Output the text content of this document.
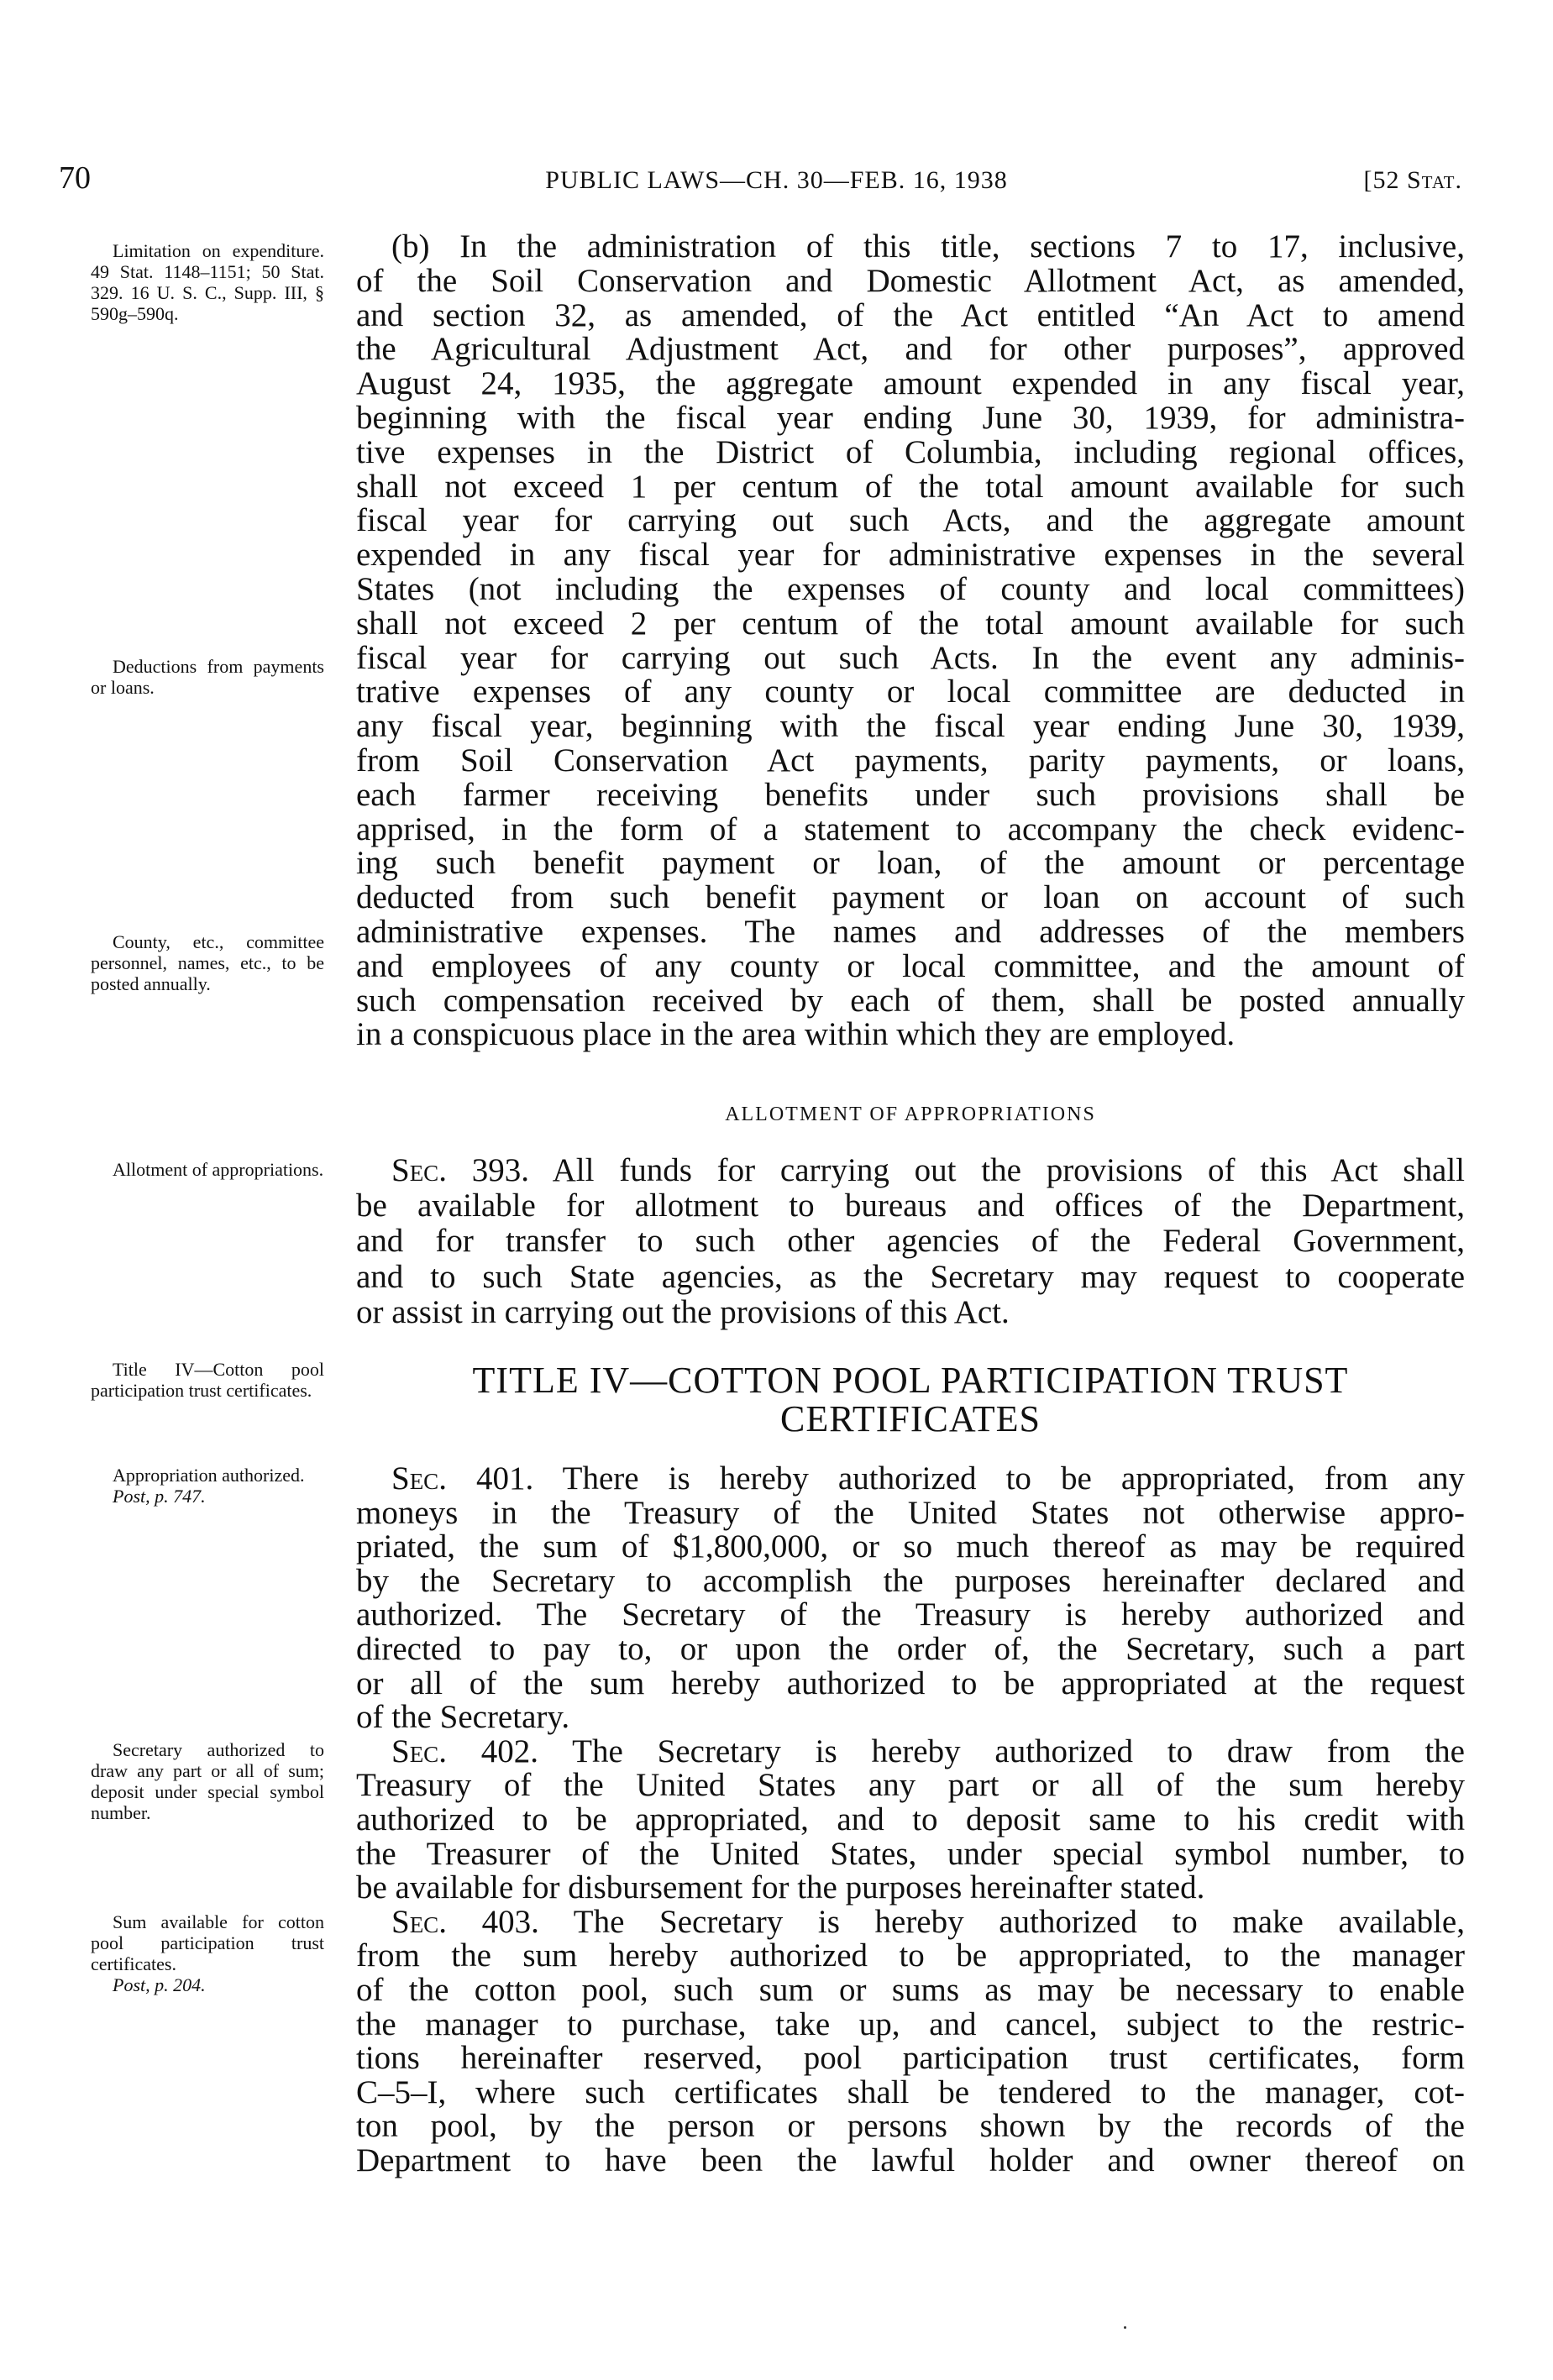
70	PUBLIC LAWS—CH. 30—FEB. 16, 1938	[52 Stat.
Limitation on expenditure. 49 Stat. 1148–1151; 50 Stat. 329. 16 U. S. C., Supp. III, § 590g–590q.
Deductions from payments or loans.
County, etc., committee personnel, names, etc., to be posted annually.
Allotment of appropriations.
Title IV—Cotton pool participation trust certificates.
Appropriation authorized.
Post, p. 747.
Secretary authorized to draw any part or all of sum; deposit under special symbol number.
Sum available for cotton pool participation trust certificates.
Post, p. 204.
(b) In the administration of this title, sections 7 to 17, inclusive,
of the Soil Conservation and Domestic Allotment Act, as amended,
and section 32, as amended, of the Act entitled “An Act to amend
the Agricultural Adjustment Act, and for other purposes”, approved
August 24, 1935, the aggregate amount expended in any fiscal year,
beginning with the fiscal year ending June 30, 1939, for administra-
tive expenses in the District of Columbia, including regional offices,
shall not exceed 1 per centum of the total amount available for such
fiscal year for carrying out such Acts, and the aggregate amount
expended in any fiscal year for administrative expenses in the several
States (not including the expenses of county and local committees)
shall not exceed 2 per centum of the total amount available for such
fiscal year for carrying out such Acts. In the event any adminis-
trative expenses of any county or local committee are deducted in
any fiscal year, beginning with the fiscal year ending June 30, 1939,
from Soil Conservation Act payments, parity payments, or loans,
each farmer receiving benefits under such provisions shall be
apprised, in the form of a statement to accompany the check evidenc-
ing such benefit payment or loan, of the amount or percentage
deducted from such benefit payment or loan on account of such
administrative expenses. The names and addresses of the members
and employees of any county or local committee, and the amount of
such compensation received by each of them, shall be posted annually
in a conspicuous place in the area within which they are employed.
Sec. 393. All funds for carrying out the provisions of this Act shall
be available for allotment to bureaus and offices of the Department,
and for transfer to such other agencies of the Federal Government,
and to such State agencies, as the Secretary may request to cooperate
or assist in carrying out the provisions of this Act.
Sec. 401. There is hereby authorized to be appropriated, from any
moneys in the Treasury of the United States not otherwise appro-
priated, the sum of $1,800,000, or so much thereof as may be required
by the Secretary to accomplish the purposes hereinafter declared and
authorized. The Secretary of the Treasury is hereby authorized and
directed to pay to, or upon the order of, the Secretary, such a part
or all of the sum hereby authorized to be appropriated at the request
of the Secretary.
Sec. 402. The Secretary is hereby authorized to draw from the
Treasury of the United States any part or all of the sum hereby
authorized to be appropriated, and to deposit same to his credit with
the Treasurer of the United States, under special symbol number, to
be available for disbursement for the purposes hereinafter stated.
Sec. 403. The Secretary is hereby authorized to make available,
from the sum hereby authorized to be appropriated, to the manager
of the cotton pool, such sum or sums as may be necessary to enable
the manager to purchase, take up, and cancel, subject to the restric-
tions hereinafter reserved, pool participation trust certificates, form
C–5–I, where such certificates shall be tendered to the manager, cot-
ton pool, by the person or persons shown by the records of the
Department to have been the lawful holder and owner thereof on
ALLOTMENT OF APPROPRIATIONS
TITLE IV—COTTON POOL PARTICIPATION TRUST
CERTIFICATES
